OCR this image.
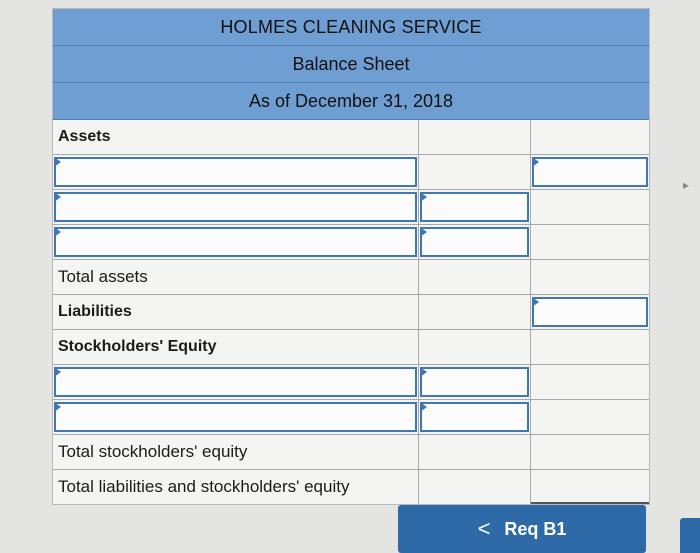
HOLMES CLEANING SERVICE
Balance Sheet
As of December 31, 2018
Assets
Total assets
Liabilities
Stockholders' Equity
Total stockholders' equity
Total liabilities and stockholders' equity
▸
< Req B1
